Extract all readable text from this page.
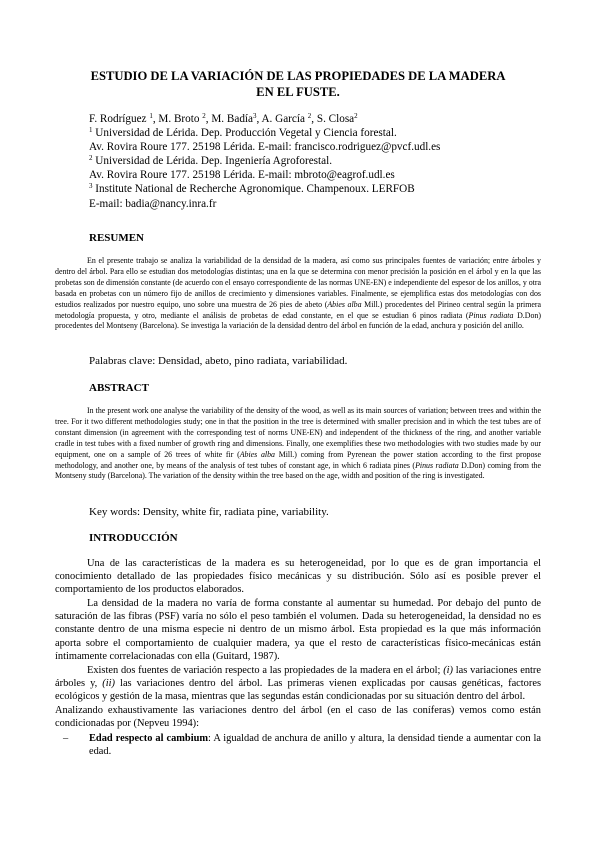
ESTUDIO DE LA VARIACIÓN DE LAS PROPIEDADES DE LA MADERA
EN EL FUSTE.
F. Rodríguez $^1$, M. Broto $^2$, M. Badía$^3$, A. García $^2$, S. Closa$^2$
$^1$ Universidad de Lérida. Dep. Producción Vegetal y Ciencia forestal.
Av. Rovira Roure 177. 25198 Lérida. E-mail: francisco.rodriguez@pvcf.udl.es
$^2$ Universidad de Lérida. Dep. Ingeniería Agroforestal.
Av. Rovira Roure 177. 25198 Lérida. E-mail: mbroto@eagrof.udl.es
$^3$ Institute National de Recherche Agronomique. Champenoux. LERFOB
E-mail: badia@nancy.inra.fr
RESUMEN
En el presente trabajo se analiza la variabilidad de la densidad de la madera, así como sus principales fuentes de variación; entre árboles y dentro del árbol. Para ello se estudian dos metodologías distintas; una en la que se determina con menor precisión la posición en el árbol y en la que las probetas son de dimensión constante (de acuerdo con el ensayo correspondiente de las normas UNE-EN) e independiente del espesor de los anillos, y otra basada en probetas con un número fijo de anillos de crecimiento y dimensiones variables. Finalmente, se ejemplifica estas dos metodologías con dos estudios realizados por nuestro equipo, uno sobre una muestra de 26 pies de abeto (Abies alba Mill.) procedentes del Pirineo central según la primera metodología propuesta, y otro, mediante el análisis de probetas de edad constante, en el que se estudian 6 pinos radiata (Pinus radiata D.Don) procedentes del Montseny (Barcelona). Se investiga la variación de la densidad dentro del árbol en función de la edad, anchura y posición del anillo.
Palabras clave: Densidad, abeto, pino radiata, variabilidad.
ABSTRACT
In the present work one analyse the variability of the density of the wood, as well as its main sources of variation; between trees and within the tree. For it two different methodologies study; one in that the position in the tree is determined with smaller precision and in which the test tubes are of constant dimension (in agreement with the corresponding test of norms UNE-EN) and independent of the thickness of the ring, and another variable cradle in test tubes with a fixed number of growth ring and dimensions. Finally, one exemplifies these two methodologies with two studies made by our equipment, one on a sample of 26 trees of white fir (Abies alba Mill.) coming from Pyrenean the power station according to the first propose methodology, and another one, by means of the analysis of test tubes of constant age, in which 6 radiata pines (Pinus radiata D.Don) coming from the Montseny study (Barcelona). The variation of the density within the tree based on the age, width and position of the ring is investigated.
Key words: Density, white fir, radiata pine, variability.
INTRODUCCIÓN

Una de las características de la madera es su heterogeneidad, por lo que es de gran importancia el conocimiento detallado de las propiedades físico mecánicas y su distribución. Sólo así es posible prever el comportamiento de los productos elaborados.

La densidad de la madera no varía de forma constante al aumentar su humedad. Por debajo del punto de saturación de las fibras (PSF) varía no sólo el peso también el volumen. Dada su heterogeneidad, la densidad no es constante dentro de una misma especie ni dentro de un mismo árbol. Esta propiedad es la que más información aporta sobre el comportamiento de cualquier madera, ya que el resto de características físico-mecánicas están íntimamente correlacionadas con ella (Guitard, 1987).

Existen dos fuentes de variación respecto a las propiedades de la madera en el árbol; (i) las variaciones entre árboles y, (ii) las variaciones dentro del árbol. Las primeras vienen explicadas por causas genéticas, factores ecológicos y gestión de la masa, mientras que las segundas están condicionadas por su situación dentro del árbol.

Analizando exhaustivamente las variaciones dentro del árbol (en el caso de las coníferas) vemos como están condicionadas por (Nepveu 1994):

– Edad respecto al cambium: A igualdad de anchura de anillo y altura, la densidad tiende a aumentar con la edad.
